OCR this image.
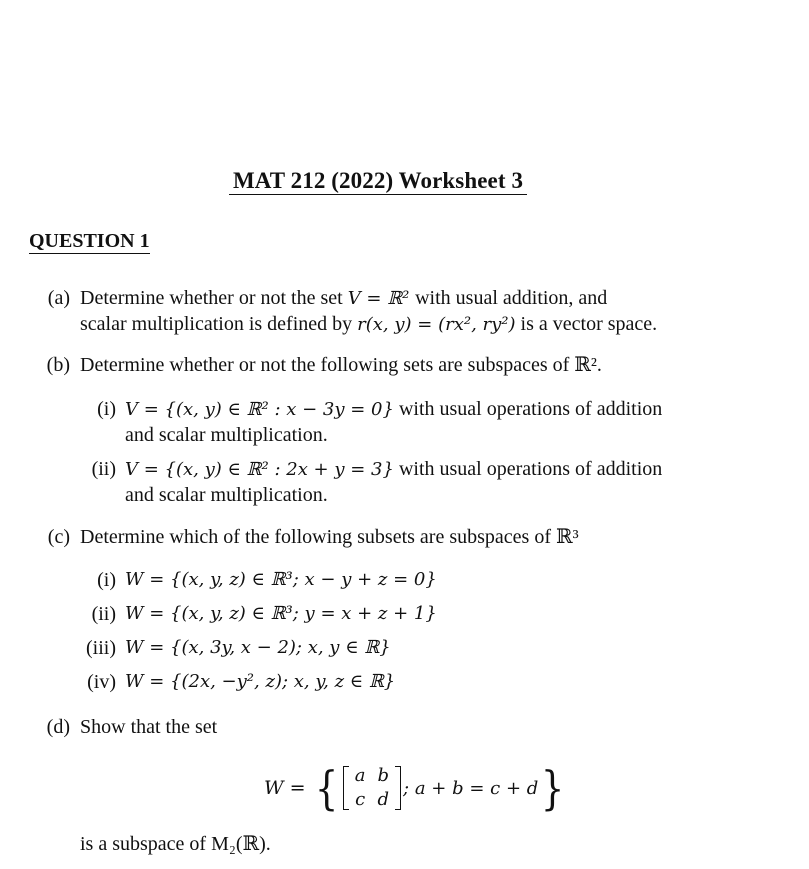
MAT 212 (2022) Worksheet 3
QUESTION 1
(a) Determine whether or not the set V = ℝ² with usual addition, and
scalar multiplication is defined by r(x, y) = (rx², ry²) is a vector space.
(b) Determine whether or not the following sets are subspaces of ℝ².
(i) V = {(x, y) ∈ ℝ² : x − 3y = 0} with usual operations of addition
and scalar multiplication.
(ii) V = {(x, y) ∈ ℝ² : 2x + y = 3} with usual operations of addition
and scalar multiplication.
(c) Determine which of the following subsets are subspaces of ℝ³
(i) W = {(x, y, z) ∈ ℝ³; x − y + z = 0}
(ii) W = {(x, y, z) ∈ ℝ³; y = x + z + 1}
(iii) W = {(x, 3y, x − 2); x, y ∈ ℝ}
(iv) W = {(2x, −y², z); x, y, z ∈ ℝ}
(d) Show that the set
W = { a	b
c	d
; a + b = c + d }
is a subspace of M₂(ℝ).
